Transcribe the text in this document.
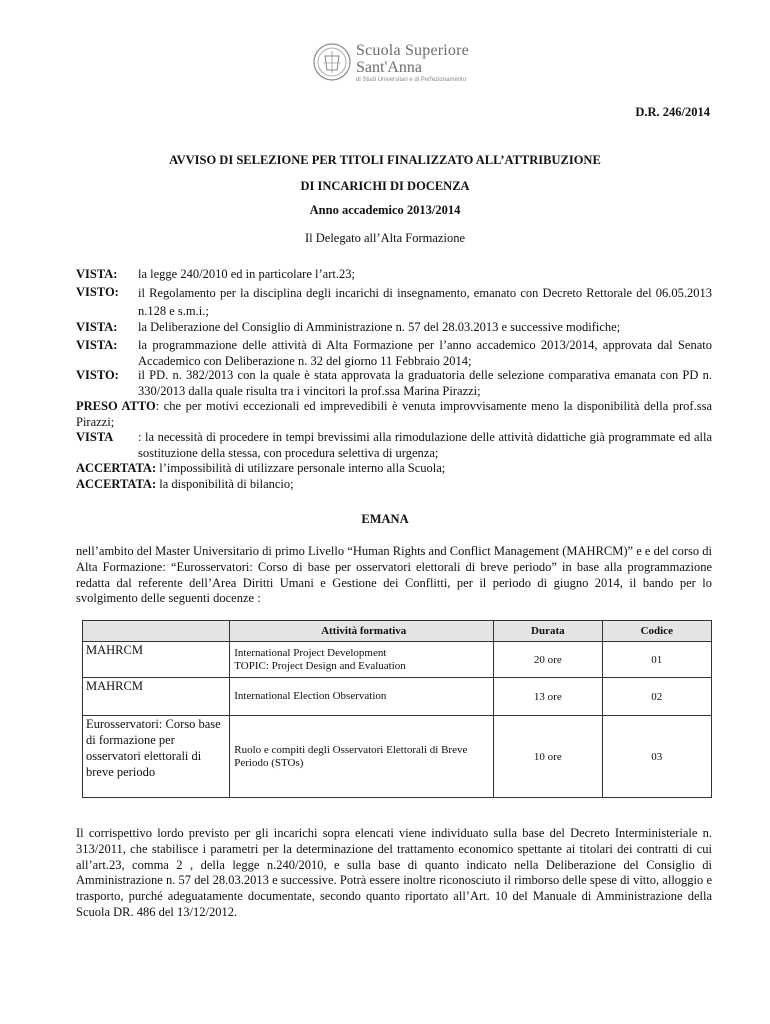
Scuola Superiore
Sant'Anna
di Studi Universitari e di Perfezionamento
D.R. 246/2014
AVVISO DI SELEZIONE PER TITOLI FINALIZZATO ALL’ATTRIBUZIONE
DI INCARICHI DI DOCENZA
Anno accademico 2013/2014
Il Delegato all’Alta Formazione
VISTA: la legge 240/2010 ed in particolare l’art.23;
VISTO: il Regolamento per la disciplina degli incarichi di insegnamento, emanato con Decreto Rettorale del 06.05.2013 n.128 e s.m.i.;
VISTA: la Deliberazione del Consiglio di Amministrazione n. 57 del 28.03.2013 e successive modifiche;
VISTA: la programmazione delle attività di Alta Formazione per l’anno accademico 2013/2014, approvata dal Senato Accademico con Deliberazione n. 32 del giorno 11 Febbraio 2014;
VISTO: il PD. n. 382/2013 con la quale è stata approvata la graduatoria delle selezione comparativa emanata con PD n. 330/2013 dalla quale risulta tra i vincitori la prof.ssa Marina Pirazzi;
PRESO ATTO: che per motivi eccezionali ed imprevedibili è venuta improvvisamente meno la disponibilità della prof.ssa Pirazzi;
VISTA : la necessità di procedere in tempi brevissimi alla rimodulazione delle attività didattiche già programmate ed alla sostituzione della stessa, con procedura selettiva di urgenza;
ACCERTATA: l’impossibilità di utilizzare personale interno alla Scuola;
ACCERTATA: la disponibilità di bilancio;
EMANA
nell’ambito del Master Universitario di primo Livello “Human Rights and Conflict Management (MAHRCM)” e e del corso di Alta Formazione: “Eurosservatori: Corso di base per osservatori elettorali di breve periodo” in base alla programmazione redatta dal referente dell’Area Diritti Umani e Gestione dei Conflitti, per il periodo di giugno 2014, il bando per lo svolgimento delle seguenti docenze :
	Attività formativa	Durata	Codice
MAHRCM	International Project Development
TOPIC: Project Design and Evaluation	20 ore	01
MAHRCM	International Election Observation	13 ore	02
Eurosservatori: Corso base di formazione per osservatori elettorali di breve periodo	Ruolo e compiti degli Osservatori Elettorali di Breve Periodo (STOs)	10 ore	03
Il corrispettivo lordo previsto per gli incarichi sopra elencati viene individuato sulla base del Decreto Interministeriale n. 313/2011, che stabilisce i parametri per la determinazione del trattamento economico spettante ai titolari dei contratti di cui all’art.23, comma 2 , della legge n.240/2010, e sulla base di quanto indicato nella Deliberazione del Consiglio di Amministrazione n. 57 del 28.03.2013 e successive. Potrà essere inoltre riconosciuto il rimborso delle spese di vitto, alloggio e trasporto, purché adeguatamente documentate, secondo quanto riportato all’Art. 10 del Manuale di Amministrazione della Scuola DR. 486 del 13/12/2012.
